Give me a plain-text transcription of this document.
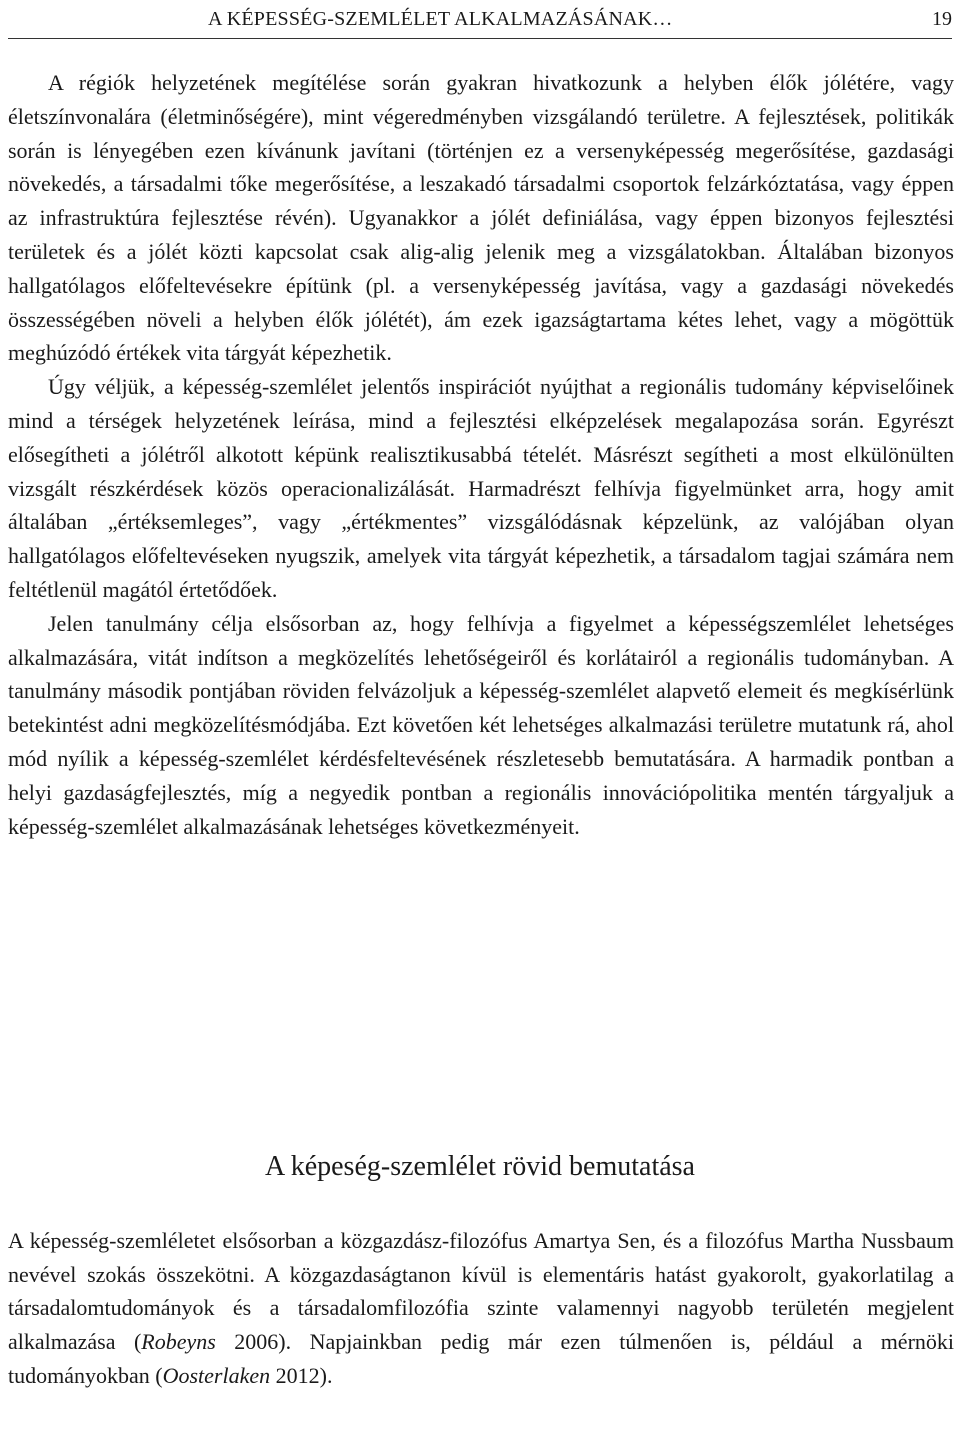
A KÉPESSÉG-SZEMLÉLET ALKALMAZÁSÁNAK…	19

A régiók helyzetének megítélése során gyakran hivatkozunk a helyben élők jólétére, vagy életszínvonalára (életminőségére), mint végeredményben vizsgálandó területre. A fejlesztések, politikák során is lényegében ezen kívánunk javítani (történjen ez a versenyképesség megerősítése, gazdasági növekedés, a társadalmi tőke megerősítése, a leszakadó társadalmi csoportok felzárkóztatása, vagy éppen az infrastruktúra fejlesztése révén). Ugyanakkor a jólét definiálása, vagy éppen bizonyos fejlesztési területek és a jólét közti kapcsolat csak alig-alig jelenik meg a vizsgálatokban. Általában bizonyos hallgatólagos előfeltevésekre építünk (pl. a versenyképesség javítása, vagy a gazdasági növekedés összességében növeli a helyben élők jólétét), ám ezek igazságtartama kétes lehet, vagy a mögöttük meghúzódó értékek vita tárgyát képezhetik.

Úgy véljük, a képesség-szemlélet jelentős inspirációt nyújthat a regionális tudomány képviselőinek mind a térségek helyzetének leírása, mind a fejlesztési elképzelések megalapozása során. Egyrészt elősegítheti a jólétről alkotott képünk realisztikusabbá tételét. Másrészt segítheti a most elkülönülten vizsgált részkérdések közös operacionalizálását. Harmadrészt felhívja figyelmünket arra, hogy amit általában „értéksemleges”, vagy „értékmentes” vizsgálódásnak képzelünk, az valójában olyan hallgatólagos előfeltevéseken nyugszik, amelyek vita tárgyát képezhetik, a társadalom tagjai számára nem feltétlenül magától értetődőek.

Jelen tanulmány célja elsősorban az, hogy felhívja a figyelmet a képességszemlélet lehetséges alkalmazására, vitát indítson a megközelítés lehetőségeiről és korlátairól a regionális tudományban. A tanulmány második pontjában röviden felvázoljuk a képesség-szemlélet alapvető elemeit és megkísérlünk betekintést adni megközelítésmódjába. Ezt követően két lehetséges alkalmazási területre mutatunk rá, ahol mód nyílik a képesség-szemlélet kérdésfeltevésének részletesebb bemutatására. A harmadik pontban a helyi gazdaságfejlesztés, míg a negyedik pontban a regionális innovációpolitika mentén tárgyaljuk a képesség-szemlélet alkalmazásának lehetséges következményeit.

A képeség-szemlélet rövid bemutatása

A képesség-szemléletet elsősorban a közgazdász-filozófus Amartya Sen, és a filozófus Martha Nussbaum nevével szokás összekötni. A közgazdaságtanon kívül is elementáris hatást gyakorolt, gyakorlatilag a társadalomtudományok és a társadalomfilozófia szinte valamennyi nagyobb területén megjelent alkalmazása (Robeyns 2006). Napjainkban pedig már ezen túlmenően is, például a mérnöki tudományokban (Oosterlaken 2012).
